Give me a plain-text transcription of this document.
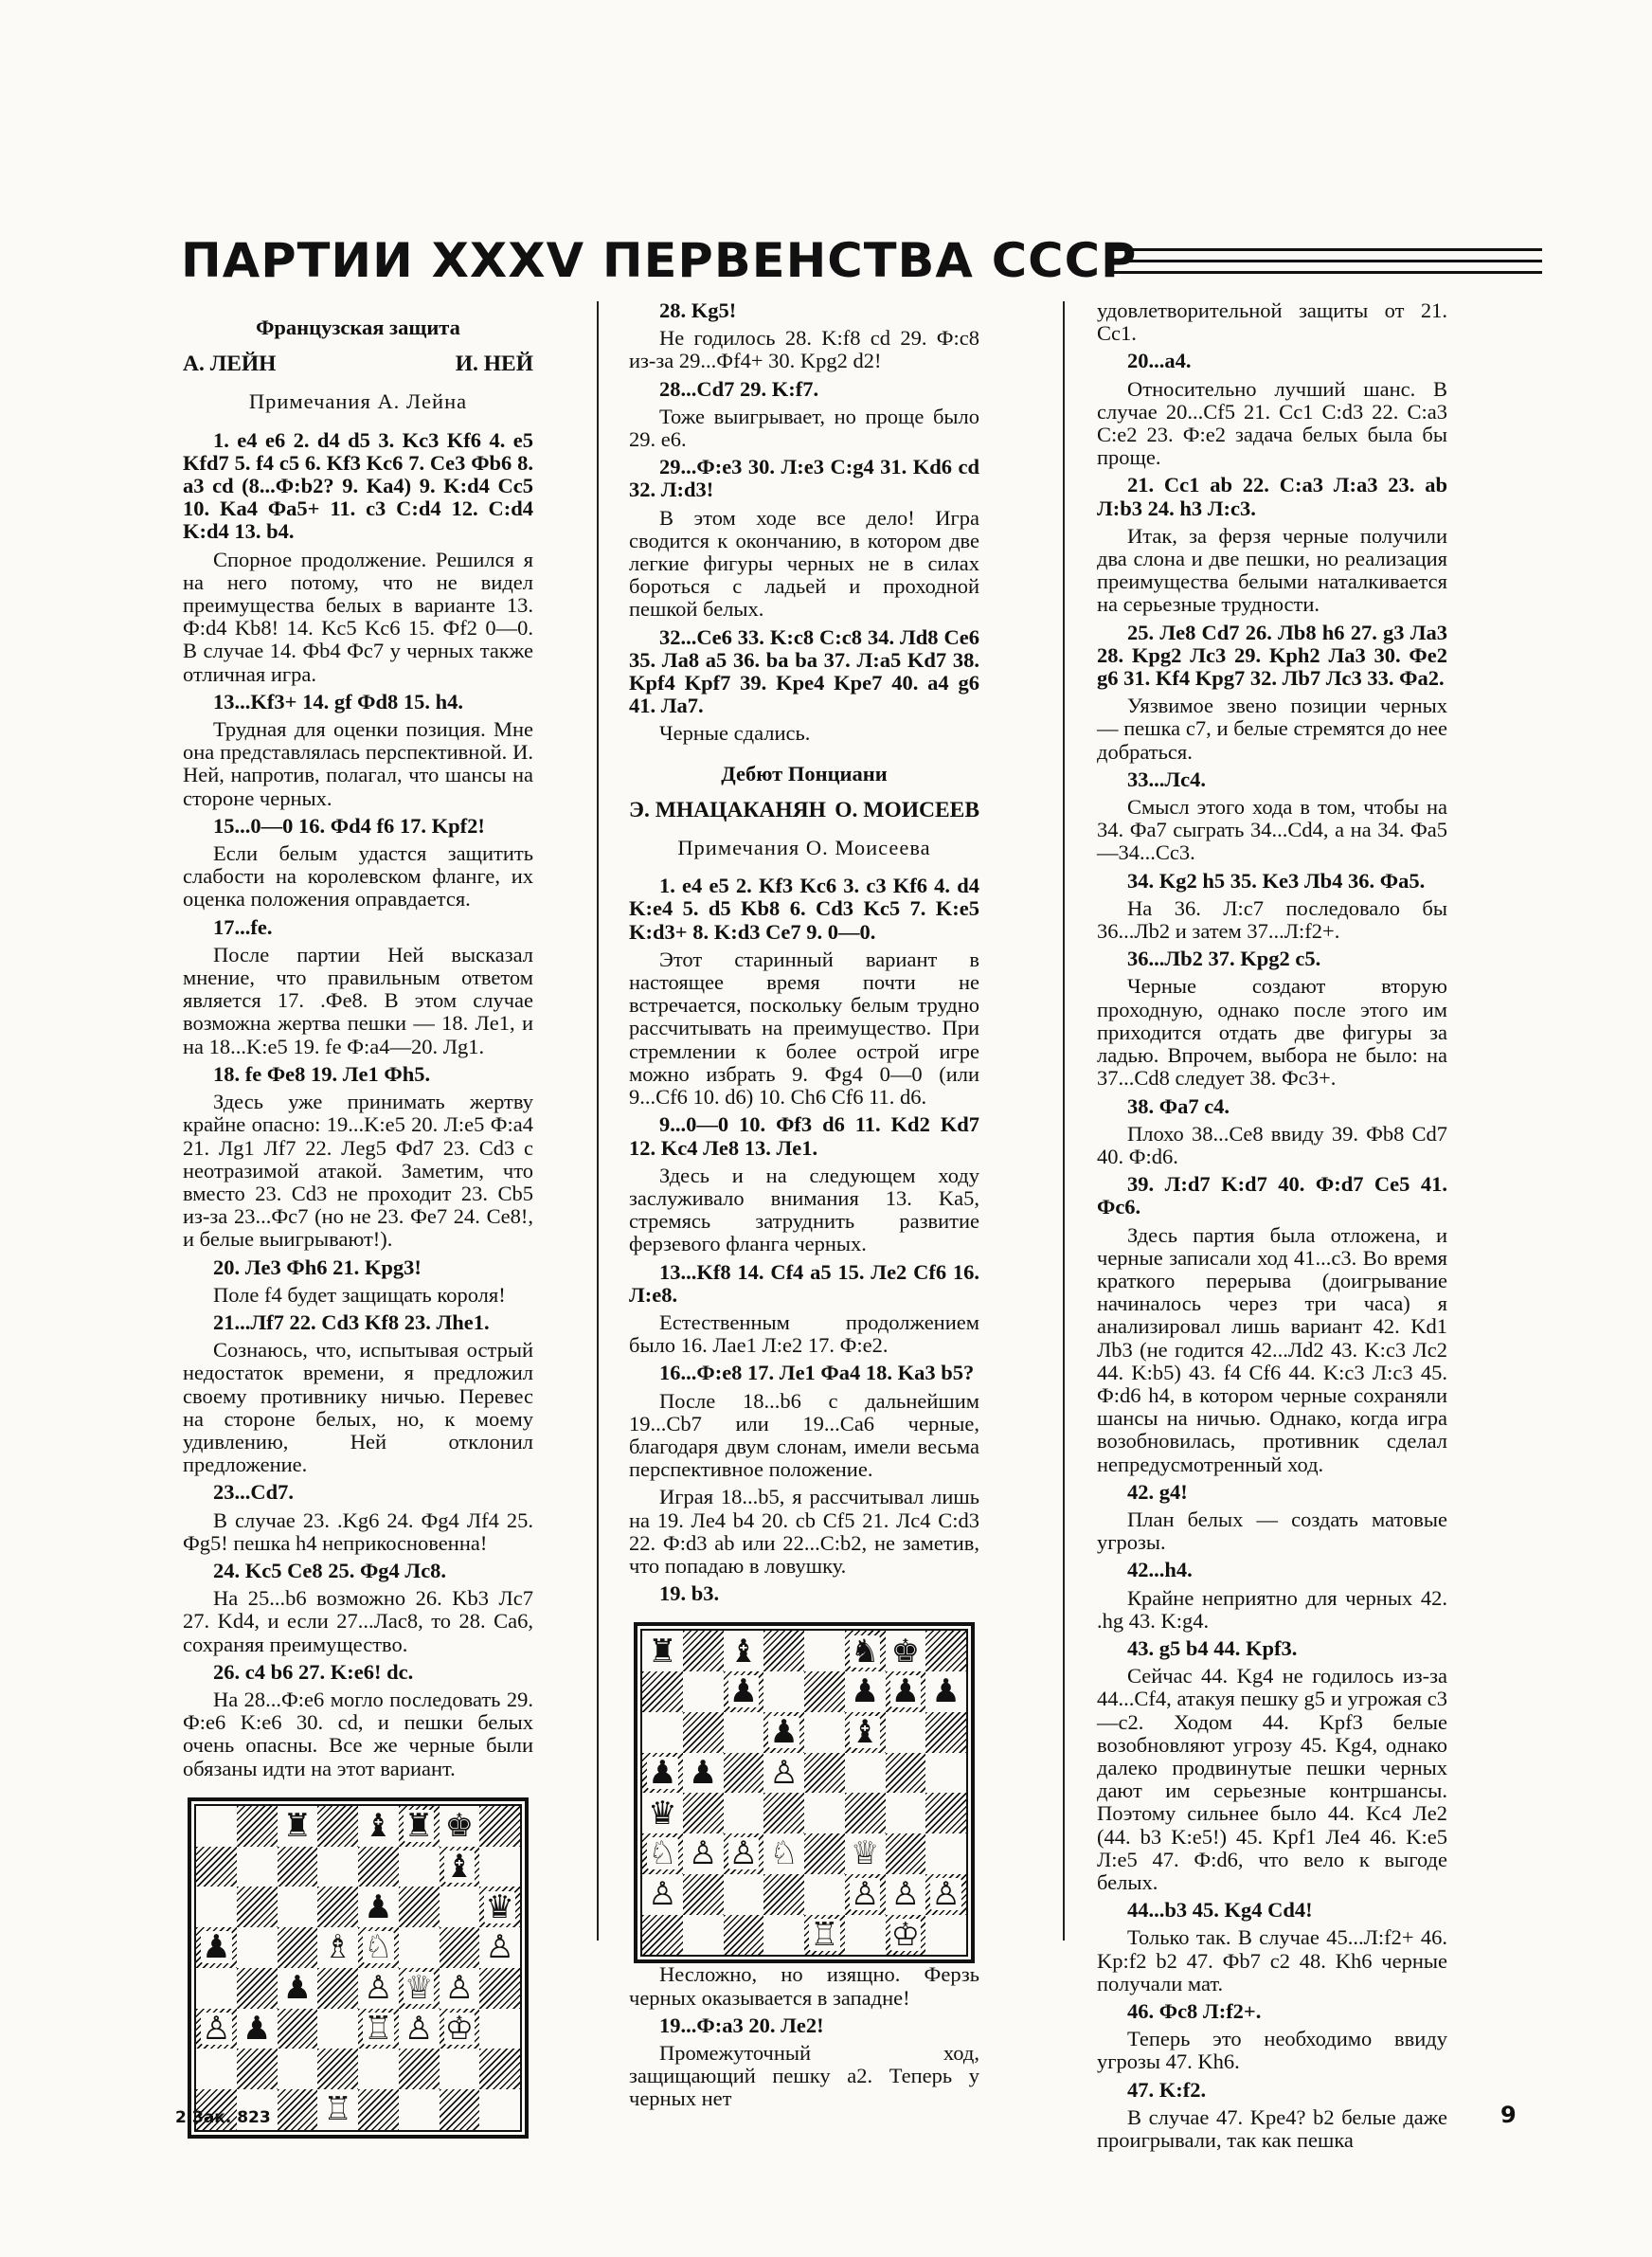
ПАРТИИ XXXV ПЕРВЕНСТВА СССР

Французская защита

А. ЛЕЙН	И. НЕЙ

Примечания А. Лейна

1. e4 e6 2. d4 d5 3. Kc3 Kf6 4. e5 Kfd7 5. f4 c5 6. Kf3 Kc6 7. Ce3 Фb6 8. a3 cd (8...Ф:b2? 9. Ka4) 9. K:d4 Cc5 10. Ka4 Фa5+ 11. c3 C:d4 12. C:d4 K:d4 13. b4.

Спорное продолжение. Решился я на него потому, что не видел преимущества белых в варианте 13. Ф:d4 Kb8! 14. Kc5 Kc6 15. Фf2 0—0. В случае 14. Фb4 Фc7 у черных также отличная игра.

13...Kf3+ 14. gf Фd8 15. h4.

Трудная для оценки позиция. Мне она представлялась перспективной. И. Ней, напротив, полагал, что шансы на стороне черных.

15...0—0 16. Фd4 f6 17. Kpf2!

Если белым удастся защитить слабости на королевском фланге, их оценка положения оправдается.

17...fe.

После партии Ней высказал мнение, что правильным ответом является 17. .Фe8. В этом случае возможна жертва пешки — 18. Лe1, и на 18...K:e5 19. fe Ф:a4—20. Лg1.

18. fe Фe8 19. Лe1 Фh5.

Здесь уже принимать жертву крайне опасно: 19...K:e5 20. Л:e5 Ф:a4 21. Лg1 Лf7 22. Лeg5 Фd7 23. Cd3 с неотразимой атакой. Заметим, что вместо 23. Cd3 не проходит 23. Cb5 из-за 23...Фc7 (но не 23. Фe7 24. Ce8!, и белые выигрывают!).

20. Лe3 Фh6 21. Kpg3!

Поле f4 будет защищать короля!

21...Лf7 22. Cd3 Kf8 23. Лhe1.

Сознаюсь, что, испытывая острый недостаток времени, я предложил своему противнику ничью. Перевес на стороне белых, но, к моему удивлению, Ней отклонил предложение.

23...Cd7.

В случае 23. .Kg6 24. Фg4 Лf4 25. Фg5! пешка h4 неприкосновенна!

24. Kc5 Ce8 25. Фg4 Лc8.

На 25...b6 возможно 26. Kb3 Лc7 27. Kd4, и если 27...Лac8, то 28. Ca6, сохраняя преимущество.

26. c4 b6 27. K:e6! dc.

На 28...Ф:e6 могло последовать 29. Ф:e6 K:e6 30. cd, и пешки белых очень опасны. Все же черные были обязаны идти на этот вариант.

♜ ♝ ♜ ♚
♝
♟	♛
♟	♗ ♘	♙
♟ ♙ ♕ ♙
♙ ♟	♖ ♙ ♔
♖

28. Kg5!

Не годилось 28. K:f8 cd 29. Ф:c8 из-за 29...Фf4+ 30. Kpg2 d2!

28...Cd7 29. K:f7.

Тоже выигрывает, но проще было 29. e6.

29...Ф:e3 30. Л:e3 C:g4 31. Kd6 cd 32. Л:d3!

В этом ходе все дело! Игра сводится к окончанию, в котором две легкие фигуры черных не в силах бороться с ладьей и проходной пешкой белых.

32...Ce6 33. K:c8 C:c8 34. Лd8 Ce6 35. Лa8 a5 36. ba ba 37. Л:a5 Kd7 38. Kpf4 Kpf7 39. Kpe4 Kpe7 40. a4 g6 41. Лa7.

Черные сдались.

Дебют Понциани

Э. МНАЦАКАНЯН О. МОИСЕЕВ

Примечания О. Моисеева

1. e4 e5 2. Kf3 Kc6 3. c3 Kf6 4. d4 K:e4 5. d5 Kb8 6. Cd3 Kc5 7. K:e5 K:d3+ 8. K:d3 Ce7 9. 0—0.

Этот старинный вариант в настоящее время почти не встречается, поскольку белым трудно рассчитывать на преимущество. При стремлении к более острой игре можно избрать 9. Фg4 0—0 (или 9...Cf6 10. d6) 10. Ch6 Cf6 11. d6.

9...0—0 10. Фf3 d6 11. Kd2 Kd7 12. Kc4 Лe8 13. Лe1.

Здесь и на следующем ходу заслуживало внимания 13. Ka5, стремясь затруднить развитие ферзевого фланга черных.

13...Kf8 14. Cf4 a5 15. Лe2 Cf6 16. Л:e8.

Естественным продолжением было 16. Лae1 Л:e2 17. Ф:e2.

16...Ф:e8 17. Лe1 Фa4 18. Ka3 b5?

После 18...b6 с дальнейшим 19...Cb7 или 19...Ca6 черные, благодаря двум слонам, имели весьма перспективное положение.

Играя 18...b5, я рассчитывал лишь на 19. Лe4 b4 20. cb Cf5 21. Лc4 C:d3 22. Ф:d3 ab или 22...C:b2, не заметив, что попадаю в ловушку.

19. b3.

♜ ♝	♞ ♚
♟	♟ ♟ ♟
♟ ♝
♟ ♟ ♙
♛
♘ ♙ ♙ ♘ ♕
♙	♙ ♙ ♙
♖ ♔

Несложно, но изящно. Ферзь черных оказывается в западне!

19...Ф:a3 20. Лe2!

Промежуточный ход, защищающий пешку a2. Теперь у черных нет

удовлетворительной защиты от 21. Cc1.

20...a4.

Относительно лучший шанс. В случае 20...Cf5 21. Cc1 C:d3 22. C:a3 C:e2 23. Ф:e2 задача белых была бы проще.

21. Cc1 ab 22. C:a3 Л:a3 23. ab Л:b3 24. h3 Л:c3.

Итак, за ферзя черные получили два слона и две пешки, но реализация преимущества белыми наталкивается на серьезные трудности.

25. Лe8 Cd7 26. Лb8 h6 27. g3 Лa3 28. Kpg2 Лc3 29. Kph2 Лa3 30. Фe2 g6 31. Kf4 Kpg7 32. Лb7 Лc3 33. Фa2.

Уязвимое звено позиции черных — пешка c7, и белые стремятся до нее добраться.

33...Лc4.

Смысл этого хода в том, чтобы на 34. Фa7 сыграть 34...Cd4, а на 34. Фa5—34...Cc3.

34. Kg2 h5 35. Ke3 Лb4 36. Фa5.

На 36. Л:c7 последовало бы 36...Лb2 и затем 37...Л:f2+.

36...Лb2 37. Kpg2 c5.

Черные создают вторую проходную, однако после этого им приходится отдать две фигуры за ладью. Впрочем, выбора не было: на 37...Cd8 следует 38. Фc3+.

38. Фa7 c4.

Плохо 38...Ce8 ввиду 39. Фb8 Cd7 40. Ф:d6.

39. Л:d7 K:d7 40. Ф:d7 Ce5 41. Фc6.

Здесь партия была отложена, и черные записали ход 41...c3. Во время краткого перерыва (доигрывание начиналось через три часа) я анализировал лишь вариант 42. Kd1 Лb3 (не годится 42...Лd2 43. K:c3 Лc2 44. K:b5) 43. f4 Cf6 44. K:c3 Л:c3 45. Ф:d6 h4, в котором черные сохраняли шансы на ничью. Однако, когда игра возобновилась, противник сделал непредусмотренный ход.

42. g4!

План белых — создать матовые угрозы.

42...h4.

Крайне неприятно для черных 42. .hg 43. K:g4.

43. g5 b4 44. Kpf3.

Сейчас 44. Kg4 не годилось из-за 44...Cf4, атакуя пешку g5 и угрожая c3—c2. Ходом 44. Kpf3 белые возобновляют угрозу 45. Kg4, однако далеко продвинутые пешки черных дают им серьезные контршансы. Поэтому сильнее было 44. Kc4 Лe2 (44. b3 K:e5!) 45. Kpf1 Лe4 46. K:e5 Л:e5 47. Ф:d6, что вело к выгоде белых.

44...b3 45. Kg4 Cd4!

Только так. В случае 45...Л:f2+ 46. Kp:f2 b2 47. Фb7 c2 48. Kh6 черные получали мат.

46. Фc8 Л:f2+.

Теперь это необходимо ввиду угрозы 47. Kh6.

47. K:f2.

В случае 47. Kpe4? b2 белые даже проигрывали, так как пешка

2 Зак. 823	9
